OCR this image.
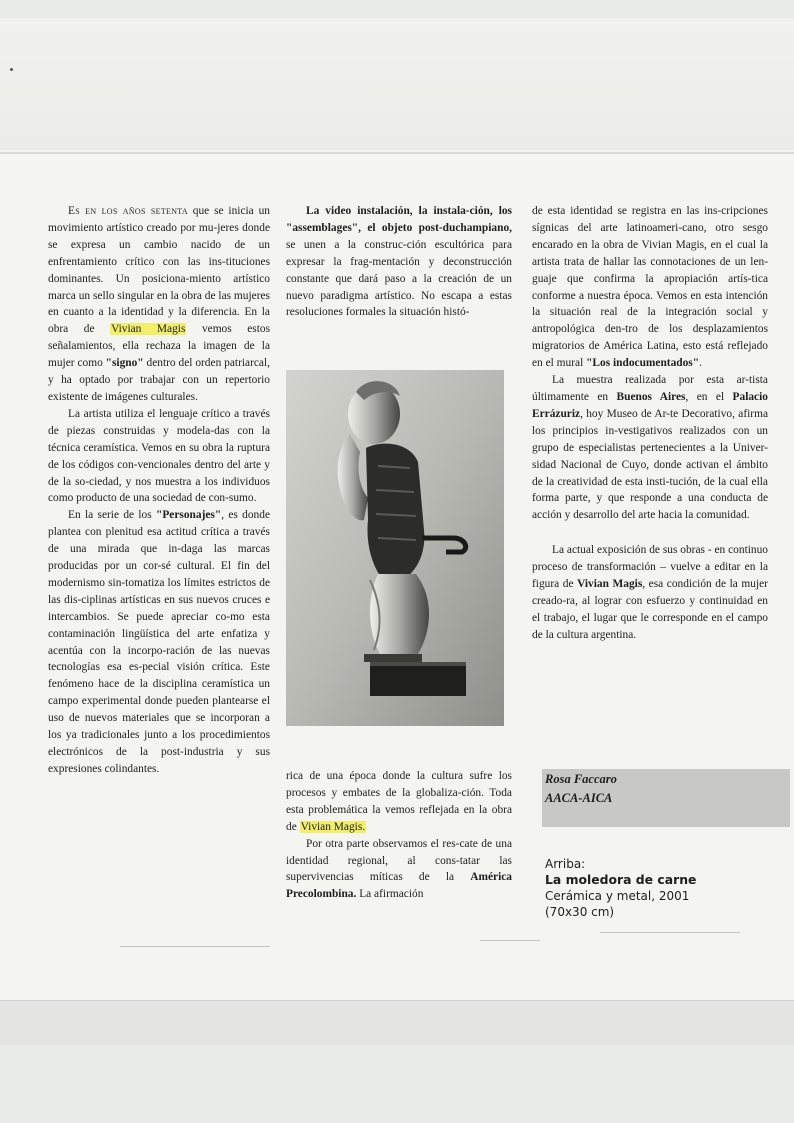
Es en los años setenta que se inicia un movimiento artístico creado por mu-jeres donde se expresa un cambio nacido de un enfrentamiento crítico con las ins-tituciones dominantes. Un posiciona-miento artístico marca un sello singular en la obra de las mujeres en cuanto a la identidad y la diferencia. En la obra de Vivian Magis vemos estos señalamientos, ella rechaza la imagen de la mujer como "signo" dentro del orden patriarcal, y ha optado por trabajar con un repertorio existente de imágenes culturales.

La artista utiliza el lenguaje crítico a través de piezas construidas y modela-das con la técnica ceramística. Vemos en su obra la ruptura de los códigos con-vencionales dentro del arte y de la so-ciedad, y nos muestra a los individuos como producto de una sociedad de con-sumo.

En la serie de los "Personajes", es donde plantea con plenitud esa actitud crítica a través de una mirada que in-daga las marcas producidas por un cor-sé cultural. El fin del modernismo sin-tomatiza los límites estrictos de las dis-ciplinas artísticas en sus nuevos cruces e intercambios. Se puede apreciar co-mo esta contaminación lingüística del arte enfatiza y acentúa con la incorpo-ración de las nuevas tecnologías esa es-pecial visión crítica. Este fenómeno hace de la disciplina ceramística un campo experimental donde pueden plantearse el uso de nuevos materiales que se incorporan a los ya tradicionales junto a los procedimientos electrónicos de la post-industria y sus expresiones colindantes.

La video instalación, la instala-ción, los "assemblages", el objeto post-duchampiano, se unen a la construc-ción escultórica para expresar la frag-mentación y deconstrucción constante que dará paso a la creación de un nuevo paradigma artístico. No escapa a estas resoluciones formales la situación histó-

rica de una época donde la cultura sufre los procesos y embates de la globaliza-ción. Toda esta problemática la vemos reflejada en la obra de Vivian Magis.

Por otra parte observamos el res-cate de una identidad regional, al cons-tatar las supervivencias míticas de la América Precolombina. La afirmación

de esta identidad se registra en las ins-cripciones sígnicas del arte latinoameri-cano, otro sesgo encarado en la obra de Vivian Magis, en el cual la artista trata de hallar las connotaciones de un len-guaje que confirma la apropiación artís-tica conforme a nuestra época. Vemos en esta intención la situación real de la integración social y antropológica den-tro de los desplazamientos migratorios de América Latina, esto está reflejado en el mural "Los indocumentados".

La muestra realizada por esta ar-tista últimamente en Buenos Aires, en el Palacio Errázuriz, hoy Museo de Ar-te Decorativo, afirma los principios in-vestigativos realizados con un grupo de especialistas pertenecientes a la Univer-sidad Nacional de Cuyo, donde activan el ámbito de la creatividad de esta insti-tución, de la cual ella forma parte, y que responde a una conducta de acción y desarrollo del arte hacia la comunidad.

La actual exposición de sus obras - en continuo proceso de transformación – vuelve a editar en la figura de Vivian Magis, esa condición de la mujer creado-ra, al lograr con esfuerzo y continuidad en el trabajo, el lugar que le corresponde en el campo de la cultura argentina.

Rosa Faccaro
AACA-AICA
Arriba:
La moledora de carne
Cerámica y metal, 2001
(70x30 cm)
